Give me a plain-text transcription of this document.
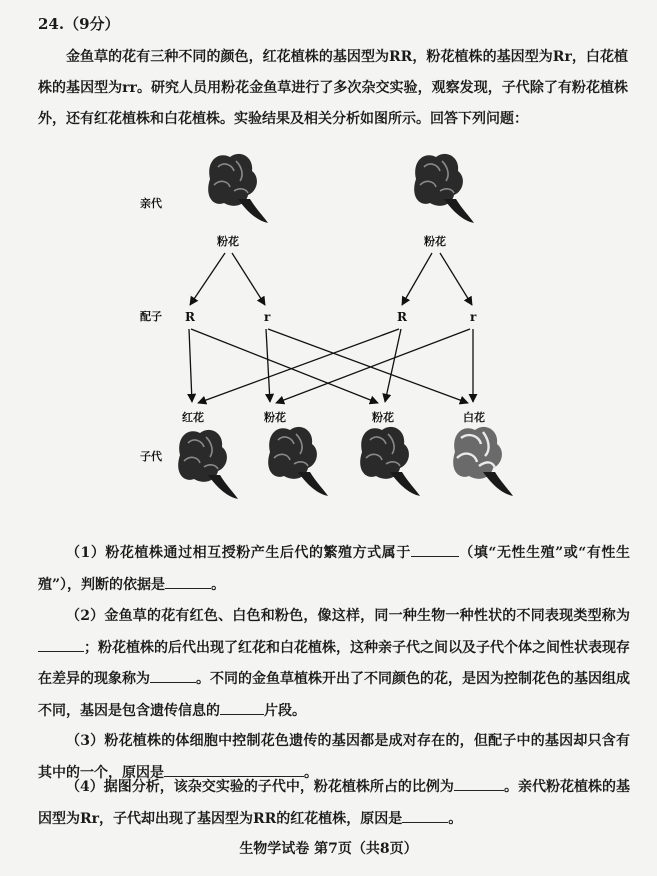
24.（9分）
金鱼草的花有三种不同的颜色，红花植株的基因型为RR，粉花植株的基因型为Rr，白花植株的基因型为rr。研究人员用粉花金鱼草进行了多次杂交实验，观察发现，子代除了有粉花植株外，还有红花植株和白花植株。实验结果及相关分析如图所示。回答下列问题：
亲代
配子
子代
粉花	粉花
R	r	R	r
红花	粉花	粉花	白花

（1）粉花植株通过相互授粉产生后代的繁殖方式属于	（填“无性生殖”或“有性生殖”），判断的依据是	。

（2）金鱼草的花有红色、白色和粉色，像这样，同一种生物一种性状的不同表现类型称为；粉花植株的后代出现了红花和白花植株，这种亲子代之间以及子代个体之间性状表现存在差异的现象称为	。不同的金鱼草植株开出了不同颜色的花，是因为控制花色的基因组成不同，基因是包含遗传信息的	片段。

（3）粉花植株的体细胞中控制花色遗传的基因都是成对存在的，但配子中的基因却只含有其中的一个，原因是	。

（4）据图分析，该杂交实验的子代中，粉花植株所占的比例为	。亲代粉花植株的基因型为Rr，子代却出现了基因型为RR的红花植株，原因是	。

生物学试卷 第7页（共8页）
